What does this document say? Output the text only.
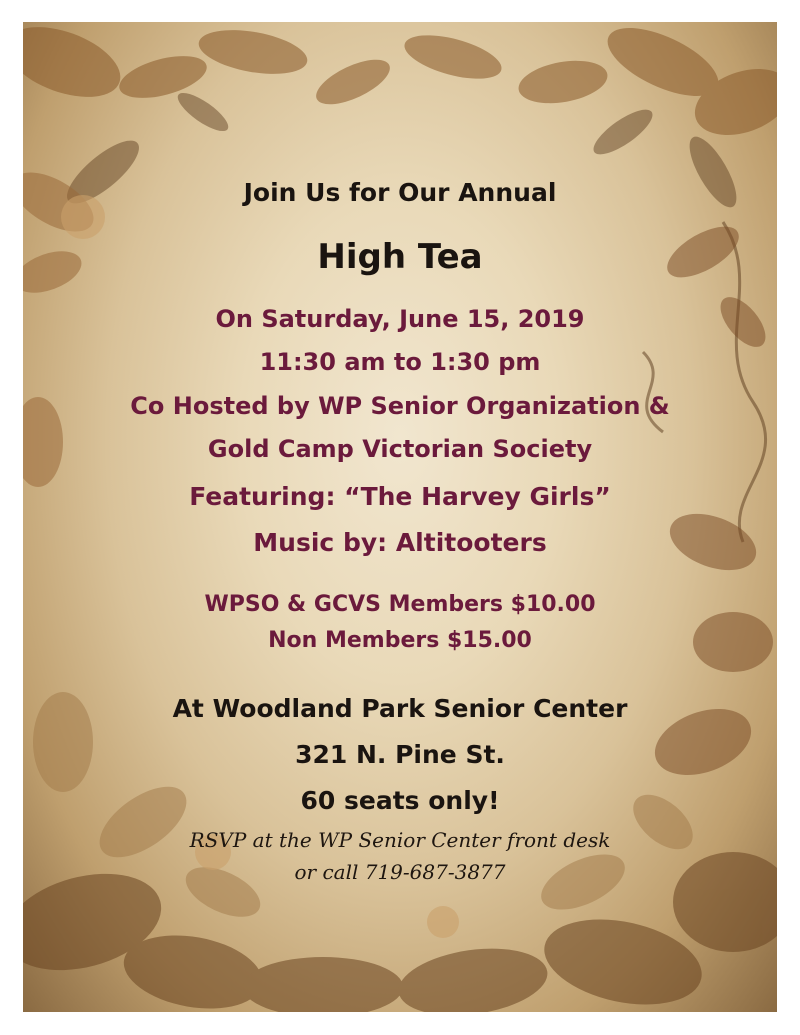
Join Us for Our Annual
High Tea
On Saturday, June 15, 2019
11:30 am to 1:30 pm
Co Hosted by WP Senior Organization &
Gold Camp Victorian Society
Featuring: “The Harvey Girls”
Music by: Altitooters
WPSO & GCVS Members $10.00
Non Members $15.00
At Woodland Park Senior Center
321 N. Pine St.
60 seats only!
RSVP at the WP Senior Center front desk
or call 719-687-3877
